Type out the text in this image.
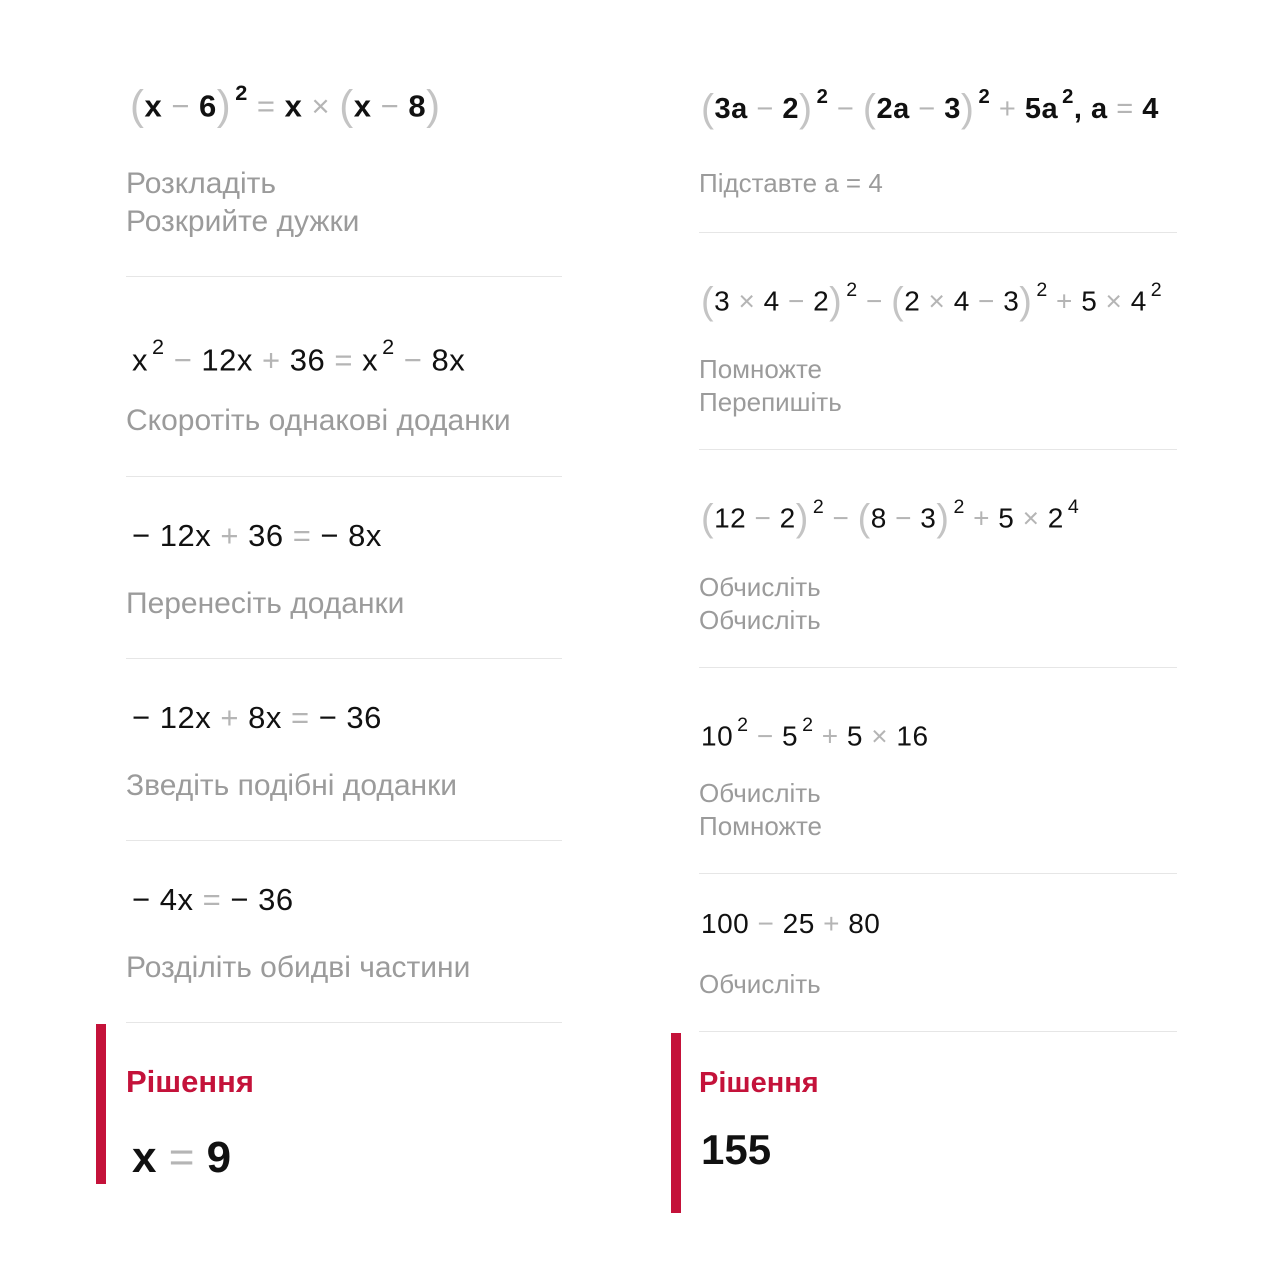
(x − 6) $^2$ = x × (x − 8)
Розкладіть
Розкрийте дужки
x $^2$ − 12x + 36 = x $^2$ − 8x
Скоротіть однакові доданки
− 12x + 36 = − 8x
Перенесіть доданки
− 12x + 8x = − 36
Зведіть подібні доданки
− 4x = − 36
Розділіть обидві частини
Рішення
x = 9
(3a − 2) $^2$ − (2a − 3) $^2$ + 5a $^2$, a = 4
Підставте a = 4
(3 × 4 − 2) $^2$ − (2 × 4 − 3) $^2$ + 5 × 4 $^2$
Помножте
Перепишіть
(12 − 2) $^2$ − (8 − 3) $^2$ + 5 × 2 $^4$
Обчисліть
Обчисліть
10 $^2$ − 5 $^2$ + 5 × 16
Обчисліть
Помножте
100 − 25 + 80
Обчисліть
Рішення
155
